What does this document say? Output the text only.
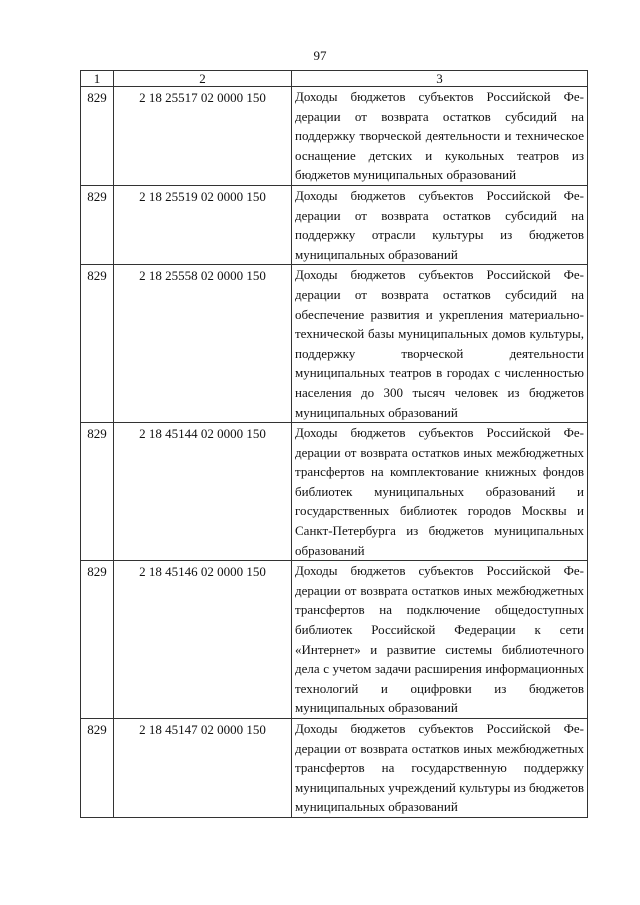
97
1	2	3
829	2 18 25517 02 0000 150	Доходы бюджетов субъектов Российской Федерации от возврата остатков субсидий на поддержку творческой деятельности и техническое оснащение детских и кукольных театров из бюджетов муниципальных образований
829	2 18 25519 02 0000 150	Доходы бюджетов субъектов Российской Федерации от возврата остатков субсидий на поддержку отрасли культуры из бюджетов муниципальных образований
829	2 18 25558 02 0000 150	Доходы бюджетов субъектов Российской Федерации от возврата остатков субсидий на обеспечение развития и укрепления материально-технической базы муниципальных домов культуры, поддержку творческой деятельности муниципальных театров в городах с численностью населения до 300 тысяч человек из бюджетов муниципальных образований
829	2 18 45144 02 0000 150	Доходы бюджетов субъектов Российской Федерации от возврата остатков иных межбюджетных трансфертов на комплектование книжных фондов библиотек муниципальных образований и государственных библиотек городов Москвы и Санкт-Петербурга из бюджетов муниципальных образований
829	2 18 45146 02 0000 150	Доходы бюджетов субъектов Российской Федерации от возврата остатков иных межбюджетных трансфертов на подключение общедоступных библиотек Российской Федерации к сети «Интернет» и развитие системы библиотечного дела с учетом задачи расширения информационных технологий и оцифровки из бюджетов муниципальных образований
829	2 18 45147 02 0000 150	Доходы бюджетов субъектов Российской Федерации от возврата остатков иных межбюджетных трансфертов на государственную поддержку муниципальных учреждений культуры из бюджетов муниципальных образований
